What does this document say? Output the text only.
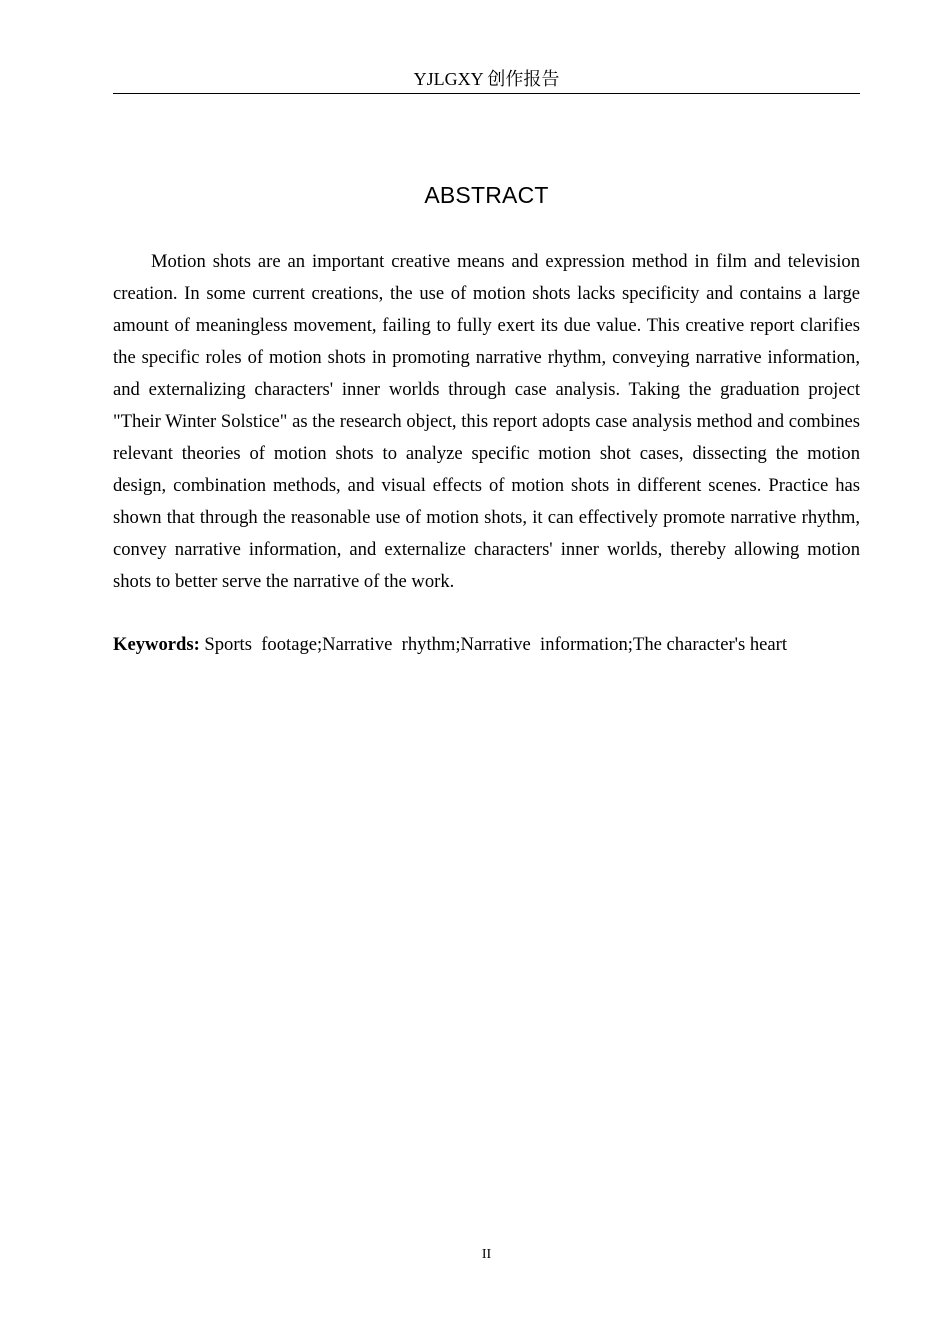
YJLGXY 创作报告
ABSTRACT

Motion shots are an important creative means and expression method in film and television creation. In some current creations, the use of motion shots lacks specificity and contains a large amount of meaningless movement, failing to fully exert its due value. This creative report clarifies the specific roles of motion shots in promoting narrative rhythm, conveying narrative information, and externalizing characters' inner worlds through case analysis. Taking the graduation project "Their Winter Solstice" as the research object, this report adopts case analysis method and combines relevant theories of motion shots to analyze specific motion shot cases, dissecting the motion design, combination methods, and visual effects of motion shots in different scenes. Practice has shown that through the reasonable use of motion shots, it can effectively promote narrative rhythm, convey narrative information, and externalize characters' inner worlds, thereby allowing motion shots to better serve the narrative of the work.

Keywords: Sports  footage;Narrative  rhythm;Narrative  information;The character's heart

II
